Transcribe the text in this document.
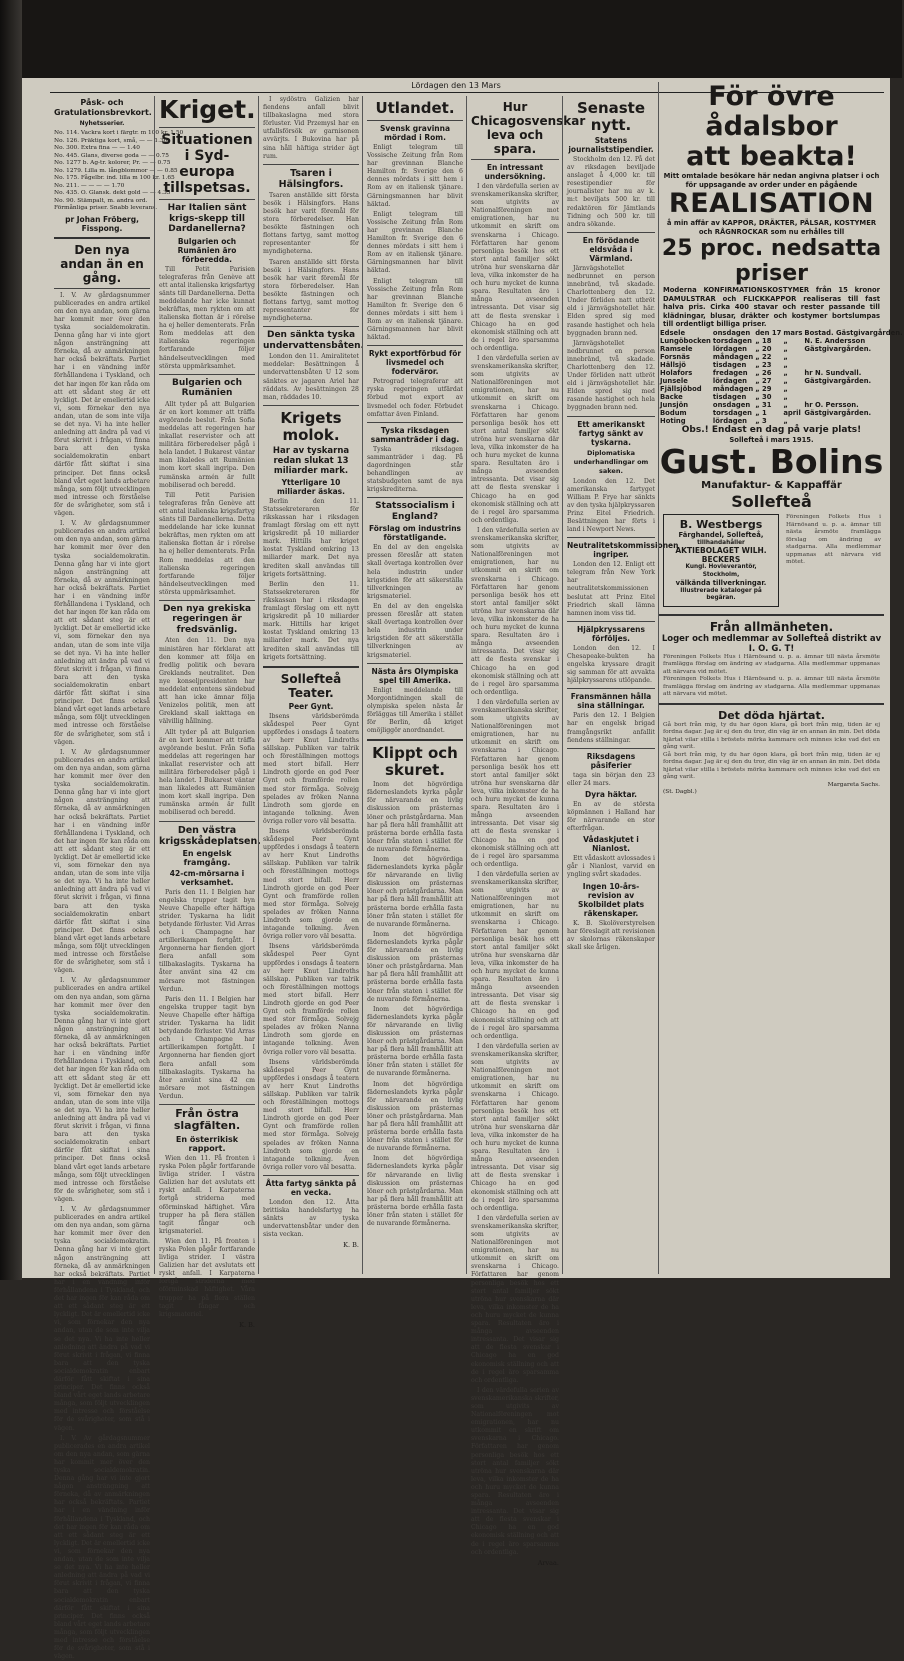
Lördagen den 13 Mars
Påsk- och Gratulationsbrevkort.
Nyhetsserier.
No. 114. Vackra kort i färgtr. m 100 kr. 1.50
No. 126. Präktiga kort, små, — — 1.30
No. 300. Extra fina — — 1.40
No. 445. Glans, diverse goda — — 0.75
No. 1277 b. Ag-tr. kolorer, Pr. — — 0.75
No. 1279. Lilla m. långblommor — — 0.85
No. 175. Fågelbr. ind. lilla m 100 kr. 1.65
No. 211. — — — — 1.70
No. 435. O. Glansk. dekt gold — — 4.35
No. 90. Stämpalt, m. andra ord.
Förmånliga priser. Snabb leverans.
pr Johan Fröberg, Fisspong.
Den nya andan än en gång.

I. V. Av gårdagsnummer publicerades en andra artikel om den nya andan, som gärna har kommit mer över den tyska socialdemokratin. Denna gång har vi inte gjort någon ansträngning att förneka, då av anmärkningen har också bekräftats. Partiet har i en vändning inför förhållandena i Tyskland, och det har ingen för kan råda om att ett sådant steg är ett lyckligt. Det är emellertid icke vi, som förnekar den nya andan, utan de som inte vilja se det nya. Vi ha inte heller anledning att ändra på vad vi förut skrivit i frågan, vi finna bara att den tyska socialdemokratin enbart därför fått skiftat i sina principer. Det finns också bland vårt eget lands arbetare många, som följt utvecklingen med intresse och förståelse för de svårigheter, som stå i vägen.

I. V. Av gårdagsnummer publicerades en andra artikel om den nya andan, som gärna har kommit mer över den tyska socialdemokratin. Denna gång har vi inte gjort någon ansträngning att förneka, då av anmärkningen har också bekräftats. Partiet har i en vändning inför förhållandena i Tyskland, och det har ingen för kan råda om att ett sådant steg är ett lyckligt. Det är emellertid icke vi, som förnekar den nya andan, utan de som inte vilja se det nya. Vi ha inte heller anledning att ändra på vad vi förut skrivit i frågan, vi finna bara att den tyska socialdemokratin enbart därför fått skiftat i sina principer. Det finns också bland vårt eget lands arbetare många, som följt utvecklingen med intresse och förståelse för de svårigheter, som stå i vägen.

I. V. Av gårdagsnummer publicerades en andra artikel om den nya andan, som gärna har kommit mer över den tyska socialdemokratin. Denna gång har vi inte gjort någon ansträngning att förneka, då av anmärkningen har också bekräftats. Partiet har i en vändning inför förhållandena i Tyskland, och det har ingen för kan råda om att ett sådant steg är ett lyckligt. Det är emellertid icke vi, som förnekar den nya andan, utan de som inte vilja se det nya. Vi ha inte heller anledning att ändra på vad vi förut skrivit i frågan, vi finna bara att den tyska socialdemokratin enbart därför fått skiftat i sina principer. Det finns också bland vårt eget lands arbetare många, som följt utvecklingen med intresse och förståelse för de svårigheter, som stå i vägen.

I. V. Av gårdagsnummer publicerades en andra artikel om den nya andan, som gärna har kommit mer över den tyska socialdemokratin. Denna gång har vi inte gjort någon ansträngning att förneka, då av anmärkningen har också bekräftats. Partiet har i en vändning inför förhållandena i Tyskland, och det har ingen för kan råda om att ett sådant steg är ett lyckligt. Det är emellertid icke vi, som förnekar den nya andan, utan de som inte vilja se det nya. Vi ha inte heller anledning att ändra på vad vi förut skrivit i frågan, vi finna bara att den tyska socialdemokratin enbart därför fått skiftat i sina principer. Det finns också bland vårt eget lands arbetare många, som följt utvecklingen med intresse och förståelse för de svårigheter, som stå i vägen.

I. V. Av gårdagsnummer publicerades en andra artikel om den nya andan, som gärna har kommit mer över den tyska socialdemokratin. Denna gång har vi inte gjort någon ansträngning att förneka, då av anmärkningen har också bekräftats. Partiet har i en vändning inför förhållandena i Tyskland, och det har ingen för kan råda om att ett sådant steg är ett lyckligt. Det är emellertid icke vi, som förnekar den nya andan, utan de som inte vilja se det nya. Vi ha inte heller anledning att ändra på vad vi förut skrivit i frågan, vi finna bara att den tyska socialdemokratin enbart därför fått skiftat i sina principer. Det finns också bland vårt eget lands arbetare många, som följt utvecklingen med intresse och förståelse för de svårigheter, som stå i vägen.

I. V. Av gårdagsnummer publicerades en andra artikel om den nya andan, som gärna har kommit mer över den tyska socialdemokratin. Denna gång har vi inte gjort någon ansträngning att förneka, då av anmärkningen har också bekräftats. Partiet har i en vändning inför förhållandena i Tyskland, och det har ingen för kan råda om att ett sådant steg är ett lyckligt. Det är emellertid icke vi, som förnekar den nya andan, utan de som inte vilja se det nya. Vi ha inte heller anledning att ändra på vad vi förut skrivit i frågan, vi finna bara att den tyska socialdemokratin enbart därför fått skiftat i sina principer. Det finns också bland vårt eget lands arbetare många, som följt utvecklingen med intresse och förståelse för de svårigheter, som stå i vägen.

Kriget.
Situationen i Syd-europa tillspetsas.
Har Italien sänt krigs-skepp till Dardanellerna?
Bulgarien och Rumänien äro förberedda.

Till Petit Parisien telegraferas från Genève att ett antal italienska krigsfartyg sänts till Dardanellerna. Detta meddelande har icke kunnat bekräftas, men rykten om att italienska flottan är i rörelse ha ej heller dementerats. Från Rom meddelas att den italienska regeringen fortfarande följer händelseutvecklingen med största uppmärksamhet.

Bulgarien och Rumänien

Allt tyder på att Bulgarien är en kort kommer att träffa avgörande beslut. Från Sofia meddelas att regeringen har inkallat reservister och att militära förberedelser pågå i hela landet. I Bukarest väntar man likaledes att Rumänien inom kort skall ingripa. Den rumänska armén är fullt mobiliserad och beredd.

Till Petit Parisien telegraferas från Genève att ett antal italienska krigsfartyg sänts till Dardanellerna. Detta meddelande har icke kunnat bekräftas, men rykten om att italienska flottan är i rörelse ha ej heller dementerats. Från Rom meddelas att den italienska regeringen fortfarande följer händelseutvecklingen med största uppmärksamhet.

Den nya grekiska regeringen är fredsvänlig.

Aten den 11. Den nya ministären har förklarat att den kommer att följa en fredlig politik och bevara Greklands neutralitet. Den nye konseljpresidenten har meddelat ententens sändebud att han icke ämnar följa Venizelos politik, men att Grekland skall iakttaga en välvillig hållning.

Allt tyder på att Bulgarien är en kort kommer att träffa avgörande beslut. Från Sofia meddelas att regeringen har inkallat reservister och att militära förberedelser pågå i hela landet. I Bukarest väntar man likaledes att Rumänien inom kort skall ingripa. Den rumänska armén är fullt mobiliserad och beredd.

Den västra krigsskådeplatsen.
En engelsk framgång.
42-cm-mörsarna i verksamhet.

Paris den 11. I Belgien har engelska trupper tagit byn Neuve Chapelle efter häftiga strider. Tyskarna ha lidit betydande förluster. Vid Arras och i Champagne har artillerikampen fortgått. I Argonnerna har fienden gjort flera anfall som tillbakaslagits. Tyskarna ha åter använt sina 42 cm mörsare mot fästningen Verdun.

Paris den 11. I Belgien har engelska trupper tagit byn Neuve Chapelle efter häftiga strider. Tyskarna ha lidit betydande förluster. Vid Arras och i Champagne har artillerikampen fortgått. I Argonnerna har fienden gjort flera anfall som tillbakaslagits. Tyskarna ha åter använt sina 42 cm mörsare mot fästningen Verdun.

Från östra slagfälten.
En österrikisk rapport.

Wien den 11. På fronten i ryska Polen pågår fortfarande livliga strider. I västra Galizien har det avslutats ett ryskt anfall. I Karpaterna fortgå striderna med oförminskad häftighet. Våra trupper ha på flera ställen tagit fångar och krigsmateriel.

Wien den 11. På fronten i ryska Polen pågår fortfarande livliga strider. I västra Galizien har det avslutats ett ryskt anfall. I Karpaterna fortgå striderna med oförminskad häftighet. Våra trupper ha på flera ställen tagit fångar och krigsmateriel.

K. B.

I sydöstra Galizien har fiendens anfall blivit tillbakaslagna med stora förluster. Vid Przemysl har en utfallsförsök av garnisonen avvärjts. I Bukovina har på sina håll häftiga strider ägt rum.

Tsaren i Hälsingfors.

Tsaren anställde sitt första besök i Hälsingfors. Hans besök har varit föremål för stora förberedelser. Han besökte fästningen och flottans fartyg, samt mottog representanter för myndigheterna.

Tsaren anställde sitt första besök i Hälsingfors. Hans besök har varit föremål för stora förberedelser. Han besökte fästningen och flottans fartyg, samt mottog representanter för myndigheterna.

Den sänkta tyska undervattensbåten.

London den 11. Amiralitetet meddelar: Besättningen å undervattensbåten U 12 som sänktes av jagaren Ariel har räddats. Av besättningen 28 man, räddades 10.

Krigets molok.
Har av tyskarna redan slukat 13 miliarder mark.
Ytterligare 10 miliarder äskas.

Berlin den 11. Statssekreteraren för rikskassan har i riksdagen framlagt förslag om ett nytt krigskredit på 10 miliarder mark. Hittills har kriget kostat Tyskland omkring 13 miliarder mark. Det nya krediten skall användas till krigets fortsättning.

Berlin den 11. Statssekreteraren för rikskassan har i riksdagen framlagt förslag om ett nytt krigskredit på 10 miliarder mark. Hittills har kriget kostat Tyskland omkring 13 miliarder mark. Det nya krediten skall användas till krigets fortsättning.

Sollefteå Teater.
Peer Gynt.

Ibsens världsberömda skådespel Peer Gynt uppfördes i onsdags å teatern av herr Knut Lindroths sällskap. Publiken var talrik och föreställningen mottogs med stort bifall. Herr Lindroth gjorde en god Peer Gynt och framförde rollen med stor förmåga. Solvejg spelades av fröken Nanna Lindroth som gjorde en intagande tolkning. Även övriga roller voro väl besatta.

Ibsens världsberömda skådespel Peer Gynt uppfördes i onsdags å teatern av herr Knut Lindroths sällskap. Publiken var talrik och föreställningen mottogs med stort bifall. Herr Lindroth gjorde en god Peer Gynt och framförde rollen med stor förmåga. Solvejg spelades av fröken Nanna Lindroth som gjorde en intagande tolkning. Även övriga roller voro väl besatta.

Ibsens världsberömda skådespel Peer Gynt uppfördes i onsdags å teatern av herr Knut Lindroths sällskap. Publiken var talrik och föreställningen mottogs med stort bifall. Herr Lindroth gjorde en god Peer Gynt och framförde rollen med stor förmåga. Solvejg spelades av fröken Nanna Lindroth som gjorde en intagande tolkning. Även övriga roller voro väl besatta.

Ibsens världsberömda skådespel Peer Gynt uppfördes i onsdags å teatern av herr Knut Lindroths sällskap. Publiken var talrik och föreställningen mottogs med stort bifall. Herr Lindroth gjorde en god Peer Gynt och framförde rollen med stor förmåga. Solvejg spelades av fröken Nanna Lindroth som gjorde en intagande tolkning. Även övriga roller voro väl besatta.

Åtta fartyg sänkta på en vecka.

London den 12. Åtta brittiska handelsfartyg ha sänkts av tyska undervattensbåtar under den sista veckan.

K. B.
Utlandet.
Svensk gravinna mördad i Rom.

Enligt telegram till Vossische Zeitung från Rom har grevinnan Blanche Hamilton fr. Sverige den 6 dennes mördats i sitt hem i Rom av en italiensk tjänare. Gärningsmannen har blivit häktad.

Enligt telegram till Vossische Zeitung från Rom har grevinnan Blanche Hamilton fr. Sverige den 6 dennes mördats i sitt hem i Rom av en italiensk tjänare. Gärningsmannen har blivit häktad.

Enligt telegram till Vossische Zeitung från Rom har grevinnan Blanche Hamilton fr. Sverige den 6 dennes mördats i sitt hem i Rom av en italiensk tjänare. Gärningsmannen har blivit häktad.

Rykt exportförbud för livsmedel och foderväror.

Petrograd telegraferar att ryska regeringen utfärdat förbud mot export av livsmedel och foder. Förbudet omfattar även Finland.

Tyska riksdagen sammanträder i dag.

Tyska riksdagen sammanträder i dag. På dagordningen står behandlingen av statsbudgeten samt de nya krigskrediterna.

Statssocialism i England?
Förslag om industrins förstatligande.

En del av den engelska pressen föreslår att staten skall övertaga kontrollen över hela industrin under krigstiden för att säkerställa tillverkningen av krigsmateriel.

En del av den engelska pressen föreslår att staten skall övertaga kontrollen över hela industrin under krigstiden för att säkerställa tillverkningen av krigsmateriel.

Nästa års Olympiska spel till Amerika.

Enligt meddelande till Morgontidningen skall de olympiska spelen nästa år förläggas till Amerika i stället för Berlin, då kriget omöjliggör anordnandet.

Klippt och skuret.

Inom det högvördiga fäderneslandets kyrka pågår för närvarande en livlig diskussion om prästernas löner och prästgårdarna. Man har på flera håll framhållit att prästerna borde erhålla fasta löner från staten i stället för de nuvarande förmånerna.

Inom det högvördiga fäderneslandets kyrka pågår för närvarande en livlig diskussion om prästernas löner och prästgårdarna. Man har på flera håll framhållit att prästerna borde erhålla fasta löner från staten i stället för de nuvarande förmånerna.

Inom det högvördiga fäderneslandets kyrka pågår för närvarande en livlig diskussion om prästernas löner och prästgårdarna. Man har på flera håll framhållit att prästerna borde erhålla fasta löner från staten i stället för de nuvarande förmånerna.

Inom det högvördiga fäderneslandets kyrka pågår för närvarande en livlig diskussion om prästernas löner och prästgårdarna. Man har på flera håll framhållit att prästerna borde erhålla fasta löner från staten i stället för de nuvarande förmånerna.

Inom det högvördiga fäderneslandets kyrka pågår för närvarande en livlig diskussion om prästernas löner och prästgårdarna. Man har på flera håll framhållit att prästerna borde erhålla fasta löner från staten i stället för de nuvarande förmånerna.

Inom det högvördiga fäderneslandets kyrka pågår för närvarande en livlig diskussion om prästernas löner och prästgårdarna. Man har på flera håll framhållit att prästerna borde erhålla fasta löner från staten i stället för de nuvarande förmånerna.

Hur Chicagosvenskar leva och spara.
En intressant undersökning.

I den värdefulla serien av svenskamerikanska skrifter, som utgivits av Nationalföreningen mot emigrationen, har nu utkommit en skrift om svenskarna i Chicago. Författaren har genom personliga besök hos ett stort antal familjer sökt utröna hur svenskarna där leva, vilka inkomster de ha och huru mycket de kunna spara. Resultaten äro i många avseenden intressanta. Det visar sig att de flesta svenskar i Chicago ha en god ekonomisk ställning och att de i regel äro sparsamma och ordentliga.

I den värdefulla serien av svenskamerikanska skrifter, som utgivits av Nationalföreningen mot emigrationen, har nu utkommit en skrift om svenskarna i Chicago. Författaren har genom personliga besök hos ett stort antal familjer sökt utröna hur svenskarna där leva, vilka inkomster de ha och huru mycket de kunna spara. Resultaten äro i många avseenden intressanta. Det visar sig att de flesta svenskar i Chicago ha en god ekonomisk ställning och att de i regel äro sparsamma och ordentliga.

I den värdefulla serien av svenskamerikanska skrifter, som utgivits av Nationalföreningen mot emigrationen, har nu utkommit en skrift om svenskarna i Chicago. Författaren har genom personliga besök hos ett stort antal familjer sökt utröna hur svenskarna där leva, vilka inkomster de ha och huru mycket de kunna spara. Resultaten äro i många avseenden intressanta. Det visar sig att de flesta svenskar i Chicago ha en god ekonomisk ställning och att de i regel äro sparsamma och ordentliga.

I den värdefulla serien av svenskamerikanska skrifter, som utgivits av Nationalföreningen mot emigrationen, har nu utkommit en skrift om svenskarna i Chicago. Författaren har genom personliga besök hos ett stort antal familjer sökt utröna hur svenskarna där leva, vilka inkomster de ha och huru mycket de kunna spara. Resultaten äro i många avseenden intressanta. Det visar sig att de flesta svenskar i Chicago ha en god ekonomisk ställning och att de i regel äro sparsamma och ordentliga.

I den värdefulla serien av svenskamerikanska skrifter, som utgivits av Nationalföreningen mot emigrationen, har nu utkommit en skrift om svenskarna i Chicago. Författaren har genom personliga besök hos ett stort antal familjer sökt utröna hur svenskarna där leva, vilka inkomster de ha och huru mycket de kunna spara. Resultaten äro i många avseenden intressanta. Det visar sig att de flesta svenskar i Chicago ha en god ekonomisk ställning och att de i regel äro sparsamma och ordentliga.

I den värdefulla serien av svenskamerikanska skrifter, som utgivits av Nationalföreningen mot emigrationen, har nu utkommit en skrift om svenskarna i Chicago. Författaren har genom personliga besök hos ett stort antal familjer sökt utröna hur svenskarna där leva, vilka inkomster de ha och huru mycket de kunna spara. Resultaten äro i många avseenden intressanta. Det visar sig att de flesta svenskar i Chicago ha en god ekonomisk ställning och att de i regel äro sparsamma och ordentliga.

I den värdefulla serien av svenskamerikanska skrifter, som utgivits av Nationalföreningen mot emigrationen, har nu utkommit en skrift om svenskarna i Chicago. Författaren har genom personliga besök hos ett stort antal familjer sökt utröna hur svenskarna där leva, vilka inkomster de ha och huru mycket de kunna spara. Resultaten äro i många avseenden intressanta. Det visar sig att de flesta svenskar i Chicago ha en god ekonomisk ställning och att de i regel äro sparsamma och ordentliga.

I den värdefulla serien av svenskamerikanska skrifter, som utgivits av Nationalföreningen mot emigrationen, har nu utkommit en skrift om svenskarna i Chicago. Författaren har genom personliga besök hos ett stort antal familjer sökt utröna hur svenskarna där leva, vilka inkomster de ha och huru mycket de kunna spara. Resultaten äro i många avseenden intressanta. Det visar sig att de flesta svenskar i Chicago ha en god ekonomisk ställning och att de i regel äro sparsamma och ordentliga.

Arvaa.
Senaste nytt.
Statens journaliststipendier.

Stockholm den 12. På det av riksdagen beviljade anslaget å 4,000 kr. till resestipendier för journalister har nu av k. m:t beviljats 500 kr. till redaktören för Jämtlands Tidning och 500 kr. till andra sökande.

En förödande eldsvåda i Värmland.

Järnvägshotellet nedbrunnet en person innebränd, två skadade. Charlottenberg den 12. Under förliden natt utbröt eld i järnvägshotellet här. Elden spred sig med rasande hastighet och hela byggnaden brann ned.

Järnvägshotellet nedbrunnet en person innebränd, två skadade. Charlottenberg den 12. Under förliden natt utbröt eld i järnvägshotellet här. Elden spred sig med rasande hastighet och hela byggnaden brann ned.

Ett amerikanskt fartyg sänkt av tyskarna.
Diplomatiska underhandlingar om saken.

London den 12. Det amerikanska fartyget William P. Frye har sänkts av den tyska hjälpkryssaren Prinz Eitel Friedrich. Besättningen har förts i land i Newport News.

Neutralitetskommissionen ingriper.

London den 12. Enligt ett telegram från New York har neutralitetskommissionen beslutat att Prinz Eitel Friedrich skall lämna hamnen inom viss tid.

Hjälpkryssarens förföljes.

London den 12. I Chesapeake-bukten ha engelska kryssare dragit sig samman för att avvakta hjälpkryssarens utlöpande.

Fransmännen hålla sina ställningar.

Paris den 12. I Belgien har en engelsk brigad framgångsrikt anfallit fiendens ställningar.

Riksdagens påsiferier

taga sin början den 23 eller 24 mars.

Dyra häktar.

En av de största köpmännen i Halland har för närvarande en stor efterfrågan.

Vådaskjutet i Nianlost.

Ett vådaskott avlossades i går i Nianlost, varvid en yngling svårt skadades.

Ingen 10-års-revision av Skolbildet plats räkenskaper.

K. B. Skolöverstyrelsen har föreslagit att revisionen av skolornas räkenskaper skall ske årligen.

För övre ådalsbor
att beakta!
Mitt omtalade besökare här nedan angivna platser i och för uppsagande av order under en pågående
REALISATION
å min affär av KAPPOR, DRÄKTER, PÄLSAR, KOSTYMER och RÅGNROCKAR som nu erhålles till
25 proc. nedsatta priser
Moderna KONFIRMATIONSKOSTYMER från 15 kronor DAMULSTRAR och FLICKKAPPOR realiseras till fast halva pris. Cirka 400 stavar och rester passande till klädningar, blusar, dräkter och kostymer bortslumpas till ordentligt billiga priser.
Edsele	onsdagen	den 17	mars	Bostad. Gästgivargården.
Lungöbocken	torsdagen	„ 18	„	N. E. Andersson
Ramsele	lördagen	„ 20	„	Gästgivargården.
Forsnäs	måndagen	„ 22	„	
Hällsjö	tisdagen	„ 23	„	
Holafors	fredagen	„ 26	„	hr N. Sundvall.
Junsele	lördagen	„ 27	„	Gästgivargården.
Fjällsjöbod	måndagen	„ 29	„	
Backe	tisdagen	„ 30	„	
Junsjön	onsdagen	„ 31	„	hr O. Persson.
Bodum	torsdagen	„ 1	april	Gästgivargården.
Hoting	lördagen	„ 3	„	
Obs.! Endast en dag på varje plats!
Sollefteå i mars 1915.
Gust. Bolins
Manufaktur- & Kappaffär
Sollefteå
B. Westbergs
Färghandel, Sollefteå,
tillhandahåller
AKTIEBOLAGET WILH. BECKERS
Kungl. Hovleverantör, Stockholm,
välkända tillverkningar.
Illustrerade kataloger på begäran.
Föreningen Folkets Hus i Härnösand u. p. a. ämnar till nästa årsmöte framlägga förslag om ändring av stadgarna. Alla medlemmar uppmanas att närvara vid mötet.
Från allmänheten.
Loger och medlemmar av Sollefteå distrikt av I. O. G. T!
Föreningen Folkets Hus i Härnösand u. p. a. ämnar till nästa årsmöte framlägga förslag om ändring av stadgarna. Alla medlemmar uppmanas att närvara vid mötet.
Föreningen Folkets Hus i Härnösand u. p. a. ämnar till nästa årsmöte framlägga förslag om ändring av stadgarna. Alla medlemmar uppmanas att närvara vid mötet.
Det döda hjärtat.
Gå bort från mig, ty du har ögon klara, gå bort från mig, tiden är ej fordna dagar. Jag är ej den du tror, din väg är en annan än min. Det döda hjärtat vilar stilla i bröstets mörka kammare och minnes icke vad det en gång varit.
Gå bort från mig, ty du har ögon klara, gå bort från mig, tiden är ej fordna dagar. Jag är ej den du tror, din väg är en annan än min. Det döda hjärtat vilar stilla i bröstets mörka kammare och minnes icke vad det en gång varit.
Margareta Sachs.
(St. Dagbl.)
